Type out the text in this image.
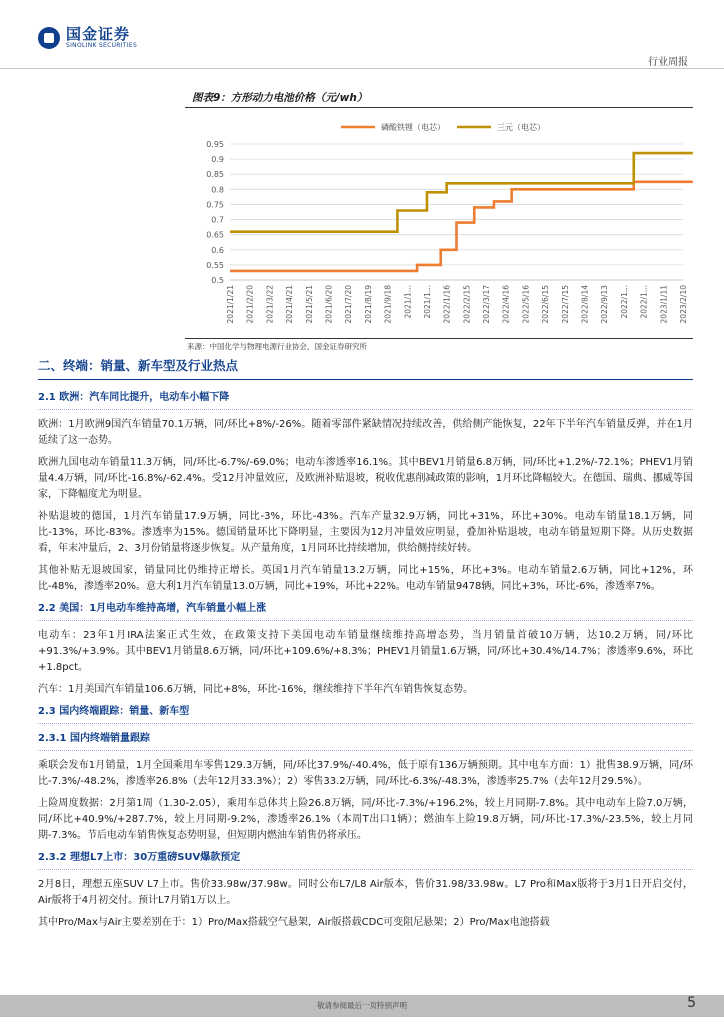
国金证券
SINOLINK SECURITIES
行业周报
图表9：方形动力电池价格（元/wh）
0.95
0.9
0.85
0.8
0.75
0.7
0.65
0.6
0.55
0.5
2021/1/21 2021/2/20 2021/3/22 2021/4/21 2021/5/21 2021/6/20 2021/7/20 2021/8/19 2021/9/18 2021/1... 2021/1... 2022/1/16 2022/2/15 2022/3/17 2022/4/16 2022/5/16 2022/6/15 2022/7/15 2022/8/14 2022/9/13 2022/1... 2022/1... 2023/1/11 2023/2/10
磷酸铁锂（电芯）	三元（电芯）
来源：中国化学与物理电源行业协会，国金证券研究所
二、终端：销量、新车型及行业热点
2.1 欧洲：汽车同比提升，电动车小幅下降

欧洲：1月欧洲9国汽车销量70.1万辆，同/环比+8%/-26%。随着零部件紧缺情况持续改善，供给侧产能恢复，22年下半年汽车销量反弹，并在1月延续了这一态势。

欧洲九国电动车销量11.3万辆，同/环比-6.7%/-69.0%；电动车渗透率16.1%。其中BEV1月销量6.8万辆，同/环比+1.2%/-72.1%；PHEV1月销量4.4万辆，同/环比-16.8%/-62.4%。受12月冲量效应，及欧洲补贴退坡，税收优惠削减政策的影响，1月环比降幅较大。在德国、瑞典、挪威等国家，下降幅度尤为明显。

补贴退坡的德国，1月汽车销量17.9万辆，同比-3%，环比-43%。汽车产量32.9万辆，同比+31%，环比+30%。电动车销量18.1万辆，同比-13%，环比-83%。渗透率为15%。德国销量环比下降明显，主要因为12月冲量效应明显，叠加补贴退坡，电动车销量短期下降。从历史数据看，年末冲量后，2、3月份销量将逐步恢复。从产量角度，1月同环比持续增加，供给侧持续好转。

其他补贴无退坡国家，销量同比仍维持正增长。英国1月汽车销量13.2万辆，同比+15%，环比+3%。电动车销量2.6万辆，同比+12%，环比-48%，渗透率20%。意大利1月汽车销量13.0万辆，同比+19%，环比+22%。电动车销量9478辆，同比+3%，环比-6%，渗透率7%。

2.2 美国：1月电动车维持高增，汽车销量小幅上涨

电动车：23年1月IRA法案正式生效，在政策支持下美国电动车销量继续维持高增态势，当月销量首破10万辆，达10.2万辆，同/环比+91.3%/+3.9%。其中BEV1月销量8.6万辆，同/环比+109.6%/+8.3%；PHEV1月销量1.6万辆，同/环比+30.4%/14.7%；渗透率9.6%，环比+1.8pct。

汽车：1月美国汽车销量106.6万辆，同比+8%，环比-16%，继续维持下半年汽车销售恢复态势。

2.3 国内终端跟踪：销量、新车型
2.3.1 国内终端销量跟踪

乘联会发布1月销量，1月全国乘用车零售129.3万辆，同/环比37.9%/-40.4%，低于原有136万辆预期。其中电车方面：1）批售38.9万辆，同/环比-7.3%/-48.2%，渗透率26.8%（去年12月33.3%）；2）零售33.2万辆，同/环比-6.3%/-48.3%，渗透率25.7%（去年12月29.5%）。

上险周度数据：2月第1周（1.30-2.05），乘用车总体共上险26.8万辆，同/环比-7.3%/+196.2%，较上月同期-7.8%。其中电动车上险7.0万辆，同/环比+40.9%/+287.7%，较上月同期-9.2%，渗透率26.1%（本周T出口1辆）；燃油车上险19.8万辆，同/环比-17.3%/-23.5%，较上月同期-7.3%。节后电动车销售恢复态势明显，但短期内燃油车销售仍将承压。

2.3.2 理想L7上市：30万重磅SUV爆款预定

2月8日，理想五座SUV L7上市。售价33.98w/37.98w。同时公布L7/L8 Air版本，售价31.98/33.98w。L7 Pro和Max版将于3月1日开启交付，Air版将于4月初交付。预计L7月销1万以上。

其中Pro/Max与Air主要差别在于：1）Pro/Max搭载空气悬架，Air版搭载CDC可变阻尼悬架；2）Pro/Max电池搭载

敬请参阅最后一页特别声明	5
